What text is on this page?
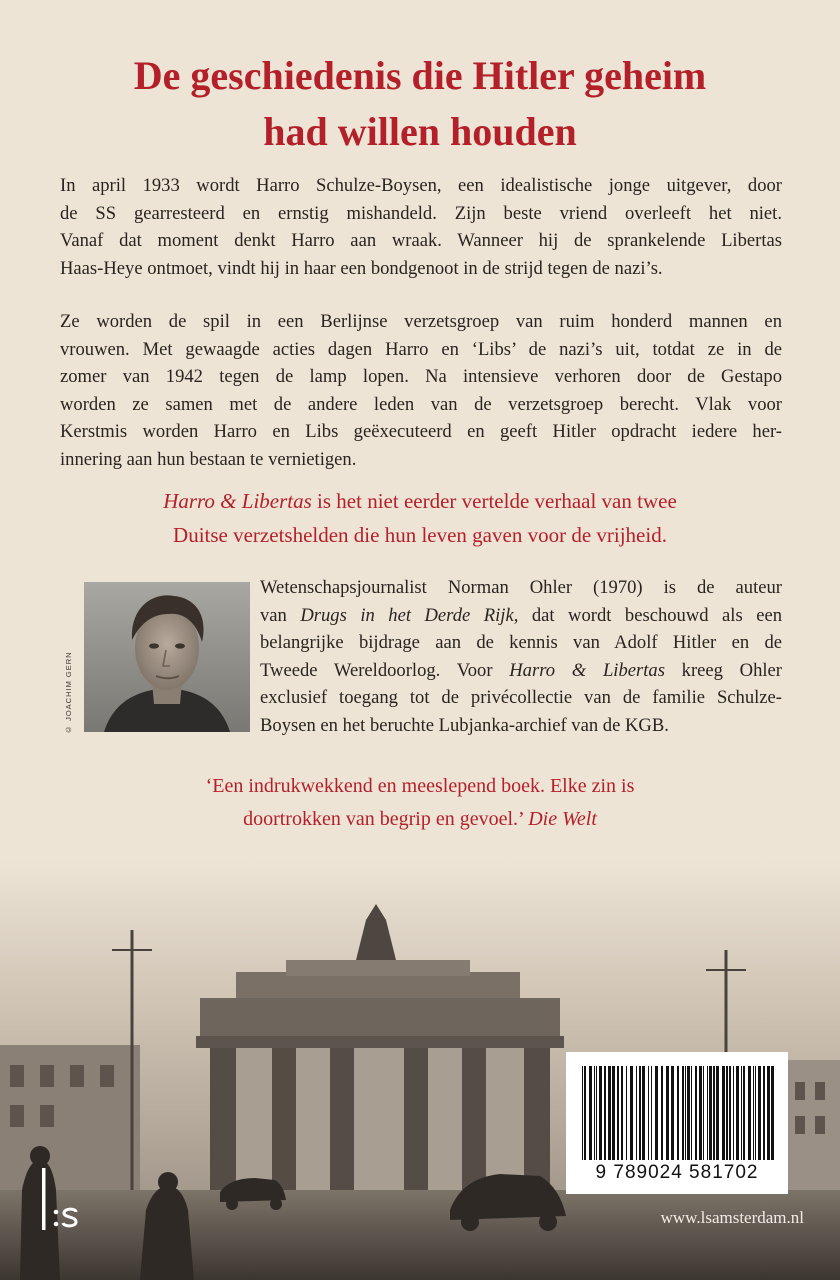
De geschiedenis die Hitler geheim
had willen houden
In april 1933 wordt Harro Schulze-Boysen, een idealistische jonge uitgever, door
de SS gearresteerd en ernstig mishandeld. Zijn beste vriend overleeft het niet.
Vanaf dat moment denkt Harro aan wraak. Wanneer hij de sprankelende Libertas
Haas-Heye ontmoet, vindt hij in haar een bondgenoot in de strijd tegen de nazi’s.
Ze worden de spil in een Berlijnse verzetsgroep van ruim honderd mannen en
vrouwen. Met gewaagde acties dagen Harro en ‘Libs’ de nazi’s uit, totdat ze in de
zomer van 1942 tegen de lamp lopen. Na intensieve verhoren door de Gestapo
worden ze samen met de andere leden van de verzetsgroep berecht. Vlak voor
Kerstmis worden Harro en Libs geëxecuteerd en geeft Hitler opdracht iedere her-
innering aan hun bestaan te vernietigen.
Harro & Libertas is het niet eerder vertelde verhaal van twee
Duitse verzetshelden die hun leven gaven voor de vrijheid.
© JOACHIM GERN
Wetenschapsjournalist Norman Ohler (1970) is de auteur
van Drugs in het Derde Rijk, dat wordt beschouwd als een
belangrijke bijdrage aan de kennis van Adolf Hitler en de
Tweede Wereldoorlog. Voor Harro & Libertas kreeg Ohler
exclusief toegang tot de privécollectie van de familie Schulze-
Boysen en het beruchte Lubjanka-archief van de KGB.
‘Een indrukwekkend en meeslepend boek. Elke zin is
doortrokken van begrip en gevoel.’ Die Welt
9 789024 581702
www.lsamsterdam.nl
